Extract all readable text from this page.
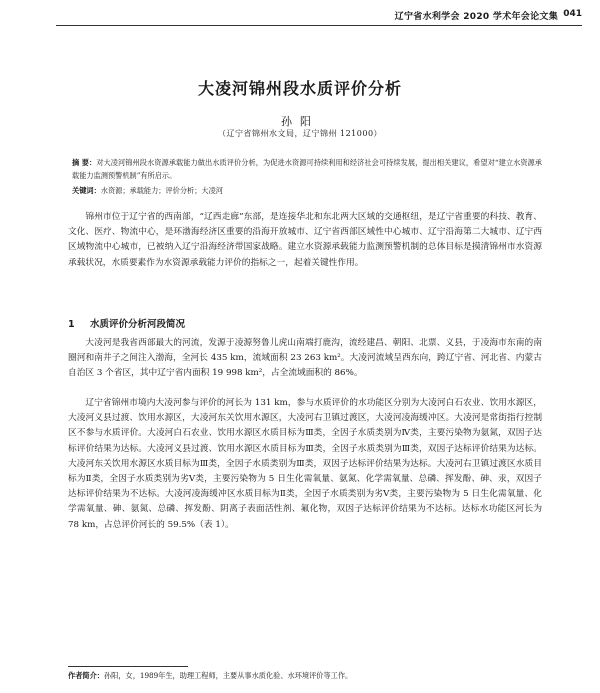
辽宁省水利学会 2020 学术年会论文集 041
大凌河锦州段水质评价分析
孙阳
（辽宁省锦州水文局，辽宁锦州 121000）
摘 要：对大凌河锦州段水资源承载能力做出水质评价分析，为促进水资源可持续利用和经济社会可持续发展，提出相关建议，希望对“建立水资源承载能力监测预警机制”有所启示。
关键词：水资源；承载能力；评价分析；大凌河

锦州市位于辽宁省的西南部，“辽西走廊”东部，是连接华北和东北两大区域的交通枢纽，是辽宁省重要的科技、教育、文化、医疗、物流中心，是环渤海经济区重要的沿海开放城市、辽宁省西部区域性中心城市、辽宁沿海第二大城市、辽宁西区域物流中心城市，已被纳入辽宁沿海经济带国家战略。建立水资源承载能力监测预警机制的总体目标是摸清锦州市水资源承载状况，水质要素作为水资源承载能力评价的指标之一，起着关键性作用。

1 水质评价分析河段简况

大凌河是我省西部最大的河流，发源于凌源努鲁儿虎山南端打鹿沟，流经建昌、朝阳、北票、义县，于凌海市东南的南圈河和南井子之间注入渤海，全河长 435 km，流域面积 23 263 km²。大凌河流域呈西东向，跨辽宁省、河北省、内蒙古自治区 3 个省区，其中辽宁省内面积 19 998 km²，占全流域面积的 86%。

辽宁省锦州市境内大凌河参与评价的河长为 131 km，参与水质评价的水功能区分别为大凌河白石农业、饮用水源区，大凌河义县过渡、饮用水源区，大凌河东关饮用水源区，大凌河右卫镇过渡区，大凌河凌海缓冲区。大凌河是常街指行控制区不参与水质评价。大凌河白石农业、饮用水源区水质目标为Ⅲ类，全因子水质类别为Ⅳ类，主要污染物为氨氮，双因子达标评价结果为达标。大凌河义县过渡、饮用水源区水质目标为Ⅲ类，全因子水质类别为Ⅲ类，双因子达标评价结果为达标。大凌河东关饮用水源区水质目标为Ⅲ类，全因子水质类别为Ⅲ类，双因子达标评价结果为达标。大凌河右卫镇过渡区水质目标为Ⅱ类，全因子水质类别为劣Ⅴ类，主要污染物为 5 日生化需氧量、氨氮、化学需氧量、总磷、挥发酚、砷、汞，双因子达标评价结果为不达标。大凌河凌海缓冲区水质目标为Ⅱ类，全因子水质类别为劣Ⅴ类，主要污染物为 5 日生化需氧量、化学需氧量、砷、氨氮、总磷、挥发酚、阴离子表面活性剂、氟化物，双因子达标评价结果为不达标。达标水功能区河长为 78 km，占总评价河长的 59.5%（表 1）。

作者简介：孙阳，女，1989年生，助理工程师，主要从事水质化验、水环境评价等工作。
